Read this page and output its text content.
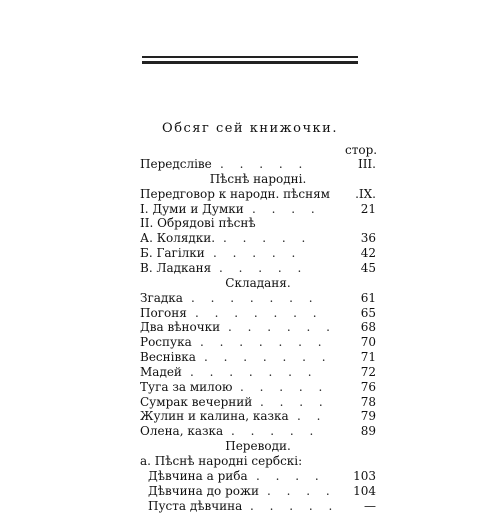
Обсяг сей книжочки.
стор.
Передсліве . . . . .	III.
Пѣснѣ народні.
Передговор к народн. пѣсням .IX.
І. Думи и Думки . . . .	21
ІІ. Обрядові пѣснѣ
А. Колядки. . . . . .	36
Б. Гагілки . . . . .	42
В. Ладканя . . . . .	45
Складаня.
Згадка . . . . . . .	61
Погоня . . . . . . .	65
Два вѣночки . . . . . . 68
Роспука . . . . . . .	70
Веснівка . . . . . . . 71
Мадей . . . . . . .	72
Туга за милою . . . . .	76
Сумрак вечерний . . . .	78
Жулин и калина, казка . .	79
Олена, казка . . . . .	89
Переводи.
а. Пѣснѣ народні сербскі:
Дѣвчина а риба . . . . 103
Дѣвчина до рожи . . . . 104
Пуста дѣвчина . . . . . —
